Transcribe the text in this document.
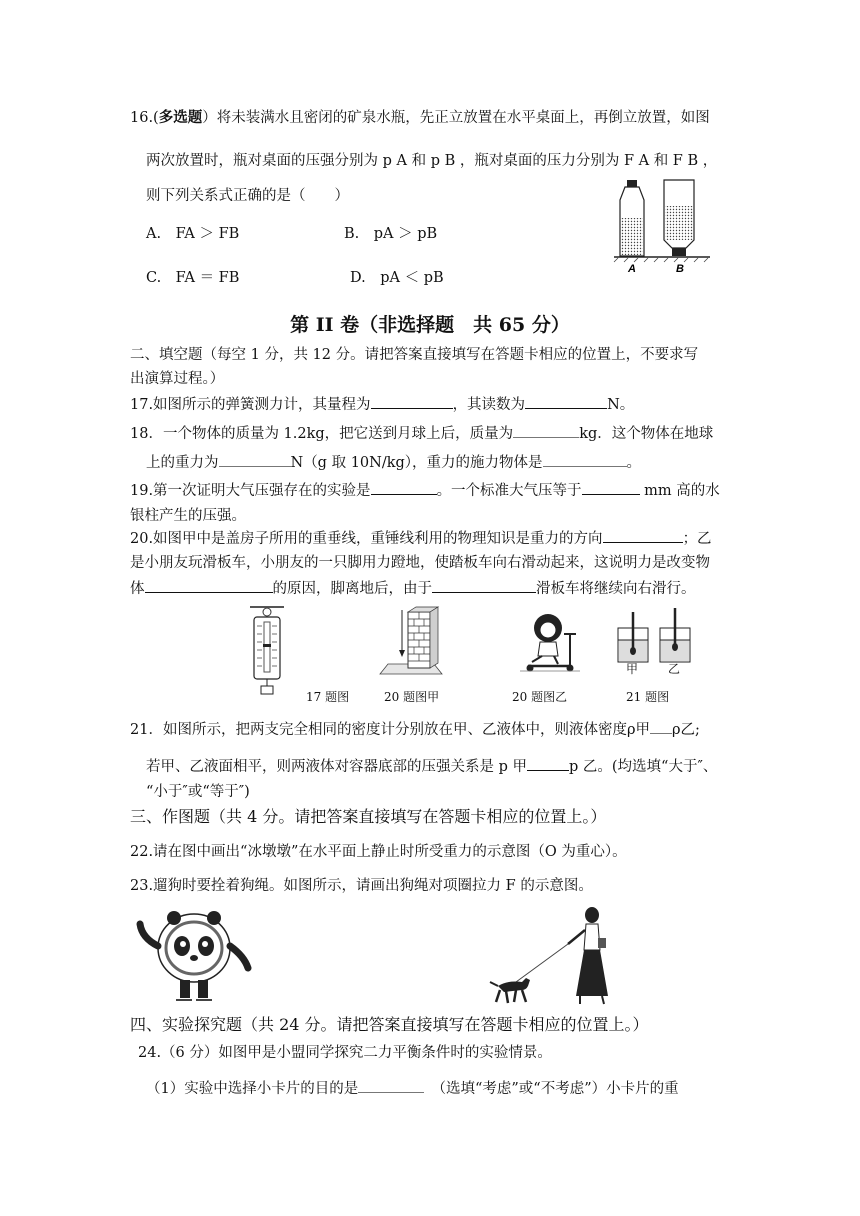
16.(多选题）将未装满水且密闭的矿泉水瓶，先正立放置在水平桌面上，再倒立放置，如图
两次放置时，瓶对桌面的压强分别为 p A 和 p B ，瓶对桌面的压力分别为 F A 和 F B ，
则下列关系式正确的是（　　）
A.　FA ＞ FB	B.　pA ＞ pB
C.　FA ＝ FB	D.　pA ＜ pB
A	B
第 II 卷（非选择题　共 65 分）
二、填空题（每空 1 分，共 12 分。请把答案直接填写在答题卡相应的位置上，不要求写
出演算过程。）
17.如图所示的弹簧测力计，其量程为	，其读数为	N。
18．一个物体的质量为 1.2kg，把它送到月球上后，质量为	kg．这个物体在地球
上的重力为	N（g 取 10N/kg），重力的施力物体是	。
19.第一次证明大气压强存在的实验是	。一个标准大气压等于	mm 高的水
银柱产生的压强。
20.如图甲中是盖房子所用的重垂线，重锤线利用的物理知识是重力的方向	；乙
是小朋友玩滑板车，小朋友的一只脚用力蹬地，使踏板车向右滑动起来，这说明力是改变物
体	的原因，脚离地后，由于	滑板车将继续向右滑行。
甲 乙
17 题图	20 题图甲	20 题图乙	21 题图
21．如图所示，把两支完全相同的密度计分别放在甲、乙液体中，则液体密度ρ甲 ρ乙;
若甲、乙液面相平，则两液体对容器底部的压强关系是 p 甲	p 乙。(均选填“大于″、
“小于″或“等于″)
三、作图题（共 4 分。请把答案直接填写在答题卡相应的位置上。）
22.请在图中画出“冰墩墩”在水平面上静止时所受重力的示意图（O 为重心）。
23.遛狗时要拴着狗绳。如图所示，请画出狗绳对项圈拉力 F 的示意图。
四、实验探究题（共 24 分。请把答案直接填写在答题卡相应的位置上。）
24.（6 分）如图甲是小盟同学探究二力平衡条件时的实验情景。
（1）实验中选择小卡片的目的是　	（选填“考虑”或“不考虑”）小卡片的重
